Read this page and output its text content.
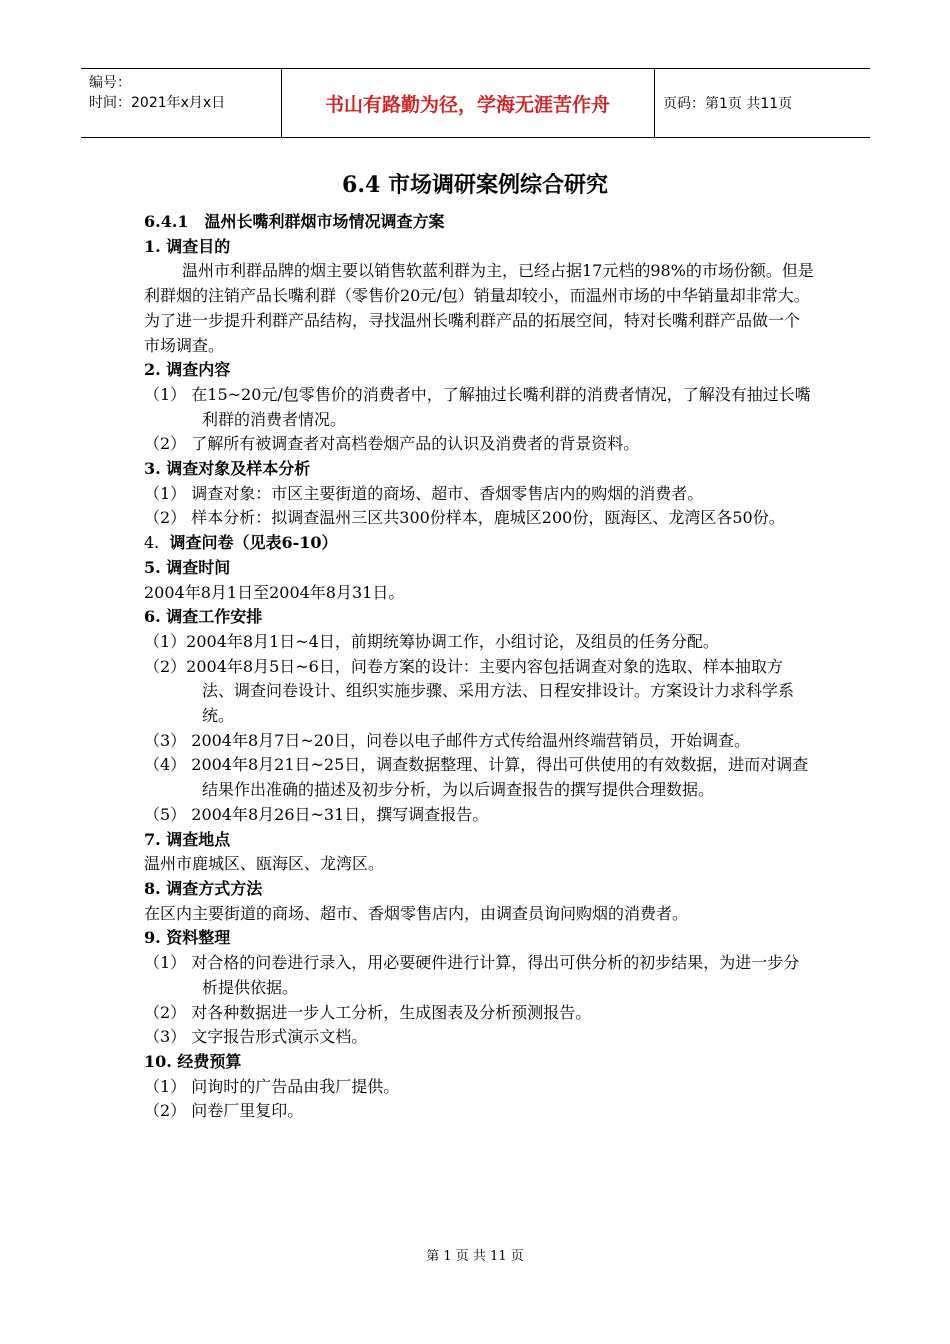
编号：
时间：2021年x月x日	书山有路勤为径，学海无涯苦作舟	页码：第1页 共11页
6.4 市场调研案例综合研究

6.4.1　温州长嘴利群烟市场情况调查方案

1. 调查目的

温州市利群品牌的烟主要以销售软蓝利群为主，已经占据17元档的98%的市场份额。但是利群烟的注销产品长嘴利群（零售价20元/包）销量却较小，而温州市场的中华销量却非常大。为了进一步提升利群产品结构，寻找温州长嘴利群产品的拓展空间，特对长嘴利群产品做一个市场调查。

2. 调查内容

（1） 在15~20元/包零售价的消费者中，了解抽过长嘴利群的消费者情况，了解没有抽过长嘴利群的消费者情况。

（2） 了解所有被调查者对高档卷烟产品的认识及消费者的背景资料。

3. 调查对象及样本分析

（1） 调查对象：市区主要街道的商场、超市、香烟零售店内的购烟的消费者。

（2） 样本分析：拟调查温州三区共300份样本，鹿城区200份，瓯海区、龙湾区各50份。

4. 调查问卷（见表6-10）

5. 调查时间

2004年8月1日至2004年8月31日。

6. 调查工作安排

（1）2004年8月1日~4日，前期统筹协调工作，小组讨论，及组员的任务分配。

（2）2004年8月5日~6日，问卷方案的设计：主要内容包括调查对象的选取、样本抽取方法、调查问卷设计、组织实施步骤、采用方法、日程安排设计。方案设计力求科学系统。

（3） 2004年8月7日~20日，问卷以电子邮件方式传给温州终端营销员，开始调查。

（4） 2004年8月21日~25日，调查数据整理、计算，得出可供使用的有效数据，进而对调查结果作出准确的描述及初步分析，为以后调查报告的撰写提供合理数据。

（5） 2004年8月26日~31日，撰写调查报告。

7. 调查地点

温州市鹿城区、瓯海区、龙湾区。

8. 调查方式方法

在区内主要街道的商场、超市、香烟零售店内，由调查员询问购烟的消费者。

9. 资料整理

（1） 对合格的问卷进行录入，用必要硬件进行计算，得出可供分析的初步结果，为进一步分析提供依据。

（2） 对各种数据进一步人工分析，生成图表及分析预测报告。

（3） 文字报告形式演示文档。

10. 经费预算

（1） 问询时的广告品由我厂提供。

（2） 问卷厂里复印。

第 1 页 共 11 页
